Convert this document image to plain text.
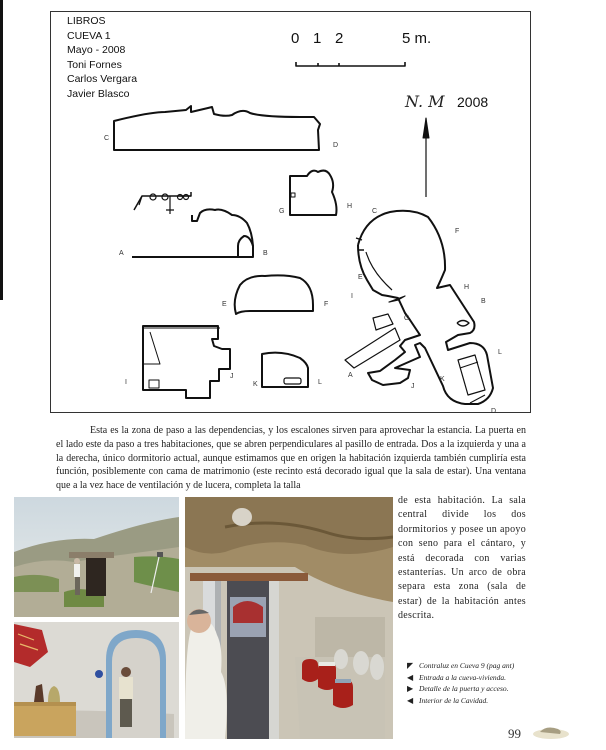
LIBROS
CUEVA 1
Mayo - 2008
Toni Fornes
Carlos Vergara
Javier Blasco
0 1 2	5 m.
N. M 2008
C
D
A	B
G
H
E	F
I
J
K	L
C
F
E
H
B
I
G
L
A
J
K
D

Esta es la zona de paso a las dependencias, y los escalones sirven para aprovechar la estancia. La puerta en el lado este da paso a tres habitaciones, que se abren perpendiculares al pasillo de entrada. Dos a la izquierda y una a la derecha, único dormitorio actual, aunque estimamos que en origen la habitación izquierda también cumpliría esta función, posiblemente con cama de matrimonio (este recinto está decorado igual que la sala de estar). Una ventana que a la vez hace de ventilación y de lucera, completa la talla

de esta habitación. La sala central divide los dos dormitorios y posee un apoyo con seno para el cántaro, y está decorada con varias estanterías. Un arco de obra separa esta zona (sala de estar) de la habitación antes descrita.

◤ Contraluz en Cueva 9 (pag ant)
◀ Entrada a la cueva-vivienda.
▶ Detalle de la puerta y acceso.
◀ Interior de la Cavidad.
99
